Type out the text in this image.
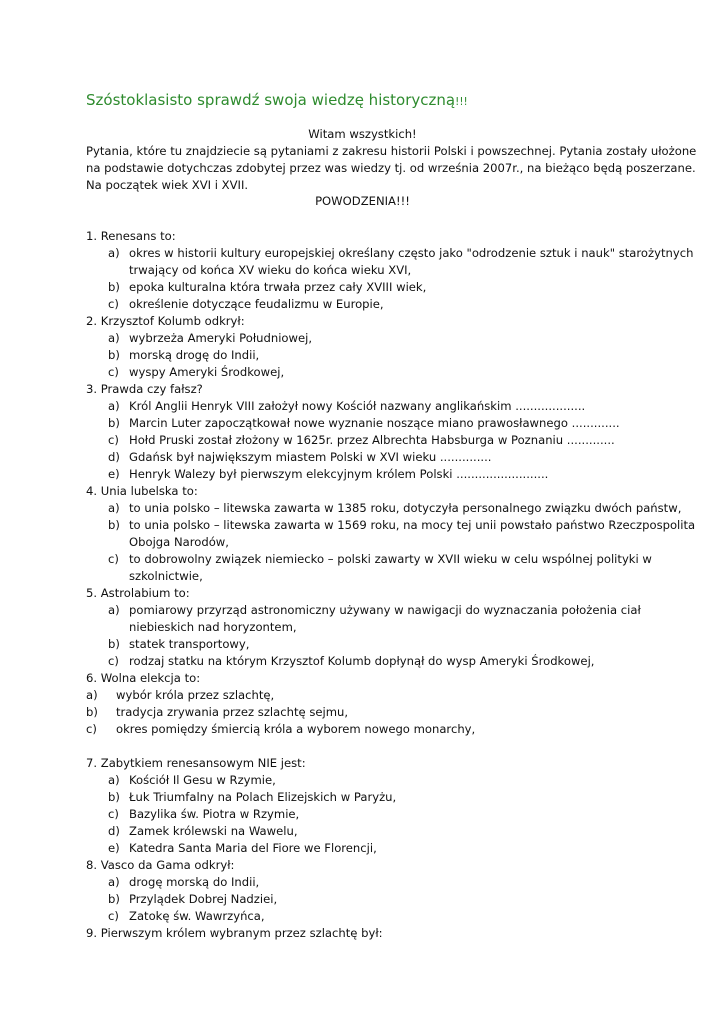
Szóstoklasisto sprawdź swoja wiedzę historyczną!!!
Witam wszystkich!
Pytania, które tu znajdziecie są pytaniami z zakresu historii Polski i powszechnej. Pytania zostały ułożone
na podstawie dotychczas zdobytej przez was wiedzy tj. od września 2007r., na bieżąco będą poszerzane.
Na początek wiek XVI i XVII.
POWODZENIA!!!
1. Renesans to:
a) okres w historii kultury europejskiej określany często jako "odrodzenie sztuk i nauk" starożytnych
trwający od końca XV wieku do końca wieku XVI,
b) epoka kulturalna która trwała przez cały XVIII wiek,
c) określenie dotyczące feudalizmu w Europie,
2. Krzysztof Kolumb odkrył:
a) wybrzeża Ameryki Południowej,
b) morską drogę do Indii,
c) wyspy Ameryki Środkowej,
3. Prawda czy fałsz?
a) Król Anglii Henryk VIII założył nowy Kościół nazwany anglikańskim ...................
b) Marcin Luter zapoczątkował nowe wyznanie noszące miano prawosławnego .............
c) Hołd Pruski został złożony w 1625r. przez Albrechta Habsburga w Poznaniu .............
d) Gdańsk był największym miastem Polski w XVI wieku ..............
e) Henryk Walezy był pierwszym elekcyjnym królem Polski .........................
4. Unia lubelska to:
a) to unia polsko – litewska zawarta w 1385 roku, dotyczyła personalnego związku dwóch państw,
b) to unia polsko – litewska zawarta w 1569 roku, na mocy tej unii powstało państwo Rzeczpospolita
Obojga Narodów,
c) to dobrowolny związek niemiecko – polski zawarty w XVII wieku w celu wspólnej polityki w
szkolnictwie,
5. Astrolabium to:
a) pomiarowy przyrząd astronomiczny używany w nawigacji do wyznaczania położenia ciał
niebieskich nad horyzontem,
b) statek transportowy,
c) rodzaj statku na którym Krzysztof Kolumb dopłynął do wysp Ameryki Środkowej,
6. Wolna elekcja to:
a) wybór króla przez szlachtę,
b) tradycja zrywania przez szlachtę sejmu,
c) okres pomiędzy śmiercią króla a wyborem nowego monarchy,
7. Zabytkiem renesansowym NIE jest:
a) Kościół Il Gesu w Rzymie,
b) Łuk Triumfalny na Polach Elizejskich w Paryżu,
c) Bazylika św. Piotra w Rzymie,
d) Zamek królewski na Wawelu,
e) Katedra Santa Maria del Fiore we Florencji,
8. Vasco da Gama odkrył:
a) drogę morską do Indii,
b) Przylądek Dobrej Nadziei,
c) Zatokę św. Wawrzyńca,
9. Pierwszym królem wybranym przez szlachtę był:
